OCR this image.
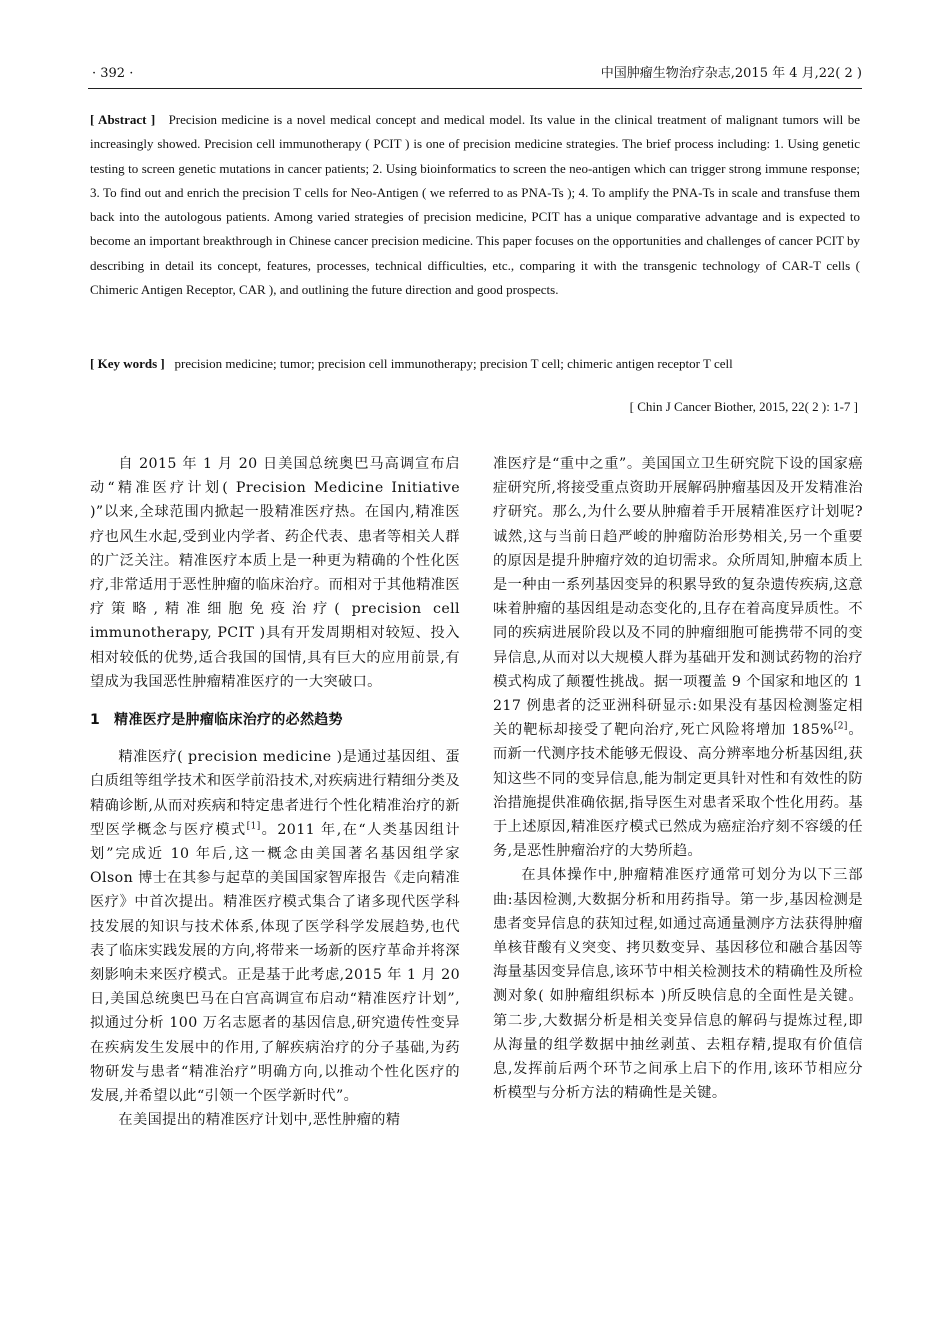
· 392 ·	中国肿瘤生物治疗杂志,2015 年 4 月,22( 2 )
[ Abstract ] Precision medicine is a novel medical concept and medical model. Its value in the clinical treatment of malignant tumors will be increasingly showed. Precision cell immunotherapy ( PCIT ) is one of precision medicine strategies. The brief process including: 1. Using genetic testing to screen genetic mutations in cancer patients; 2. Using bioinformatics to screen the neo-antigen which can trigger strong immune response; 3. To find out and enrich the precision T cells for Neo-Antigen ( we referred to as PNA-Ts ); 4. To amplify the PNA-Ts in scale and transfuse them back into the autologous patients. Among varied strategies of precision medicine, PCIT has a unique comparative advantage and is expected to become an important breakthrough in Chinese cancer precision medicine. This paper focuses on the opportunities and challenges of cancer PCIT by describing in detail its concept, features, processes, technical difficulties, etc., comparing it with the transgenic technology of CAR-T cells ( Chimeric Antigen Receptor, CAR ), and outlining the future direction and good prospects.
[ Key words ] precision medicine; tumor; precision cell immunotherapy; precision T cell; chimeric antigen receptor T cell
[ Chin J Cancer Biother, 2015, 22( 2 ): 1-7 ]

自 2015 年 1 月 20 日美国总统奥巴马高调宣布启动“精准医疗计划( Precision Medicine Initiative )”以来,全球范围内掀起一股精准医疗热。在国内,精准医疗也风生水起,受到业内学者、药企代表、患者等相关人群的广泛关注。精准医疗本质上是一种更为精确的个性化医疗,非常适用于恶性肿瘤的临床治疗。而相对于其他精准医疗策略,精准细胞免疫治疗( precision cell immunotherapy, PCIT )具有开发周期相对较短、投入相对较低的优势,适合我国的国情,具有巨大的应用前景,有望成为我国恶性肿瘤精准医疗的一大突破口。

1 精准医疗是肿瘤临床治疗的必然趋势

精准医疗( precision medicine )是通过基因组、蛋白质组等组学技术和医学前沿技术,对疾病进行精细分类及精确诊断,从而对疾病和特定患者进行个性化精准治疗的新型医学概念与医疗模式[1]。2011 年,在“人类基因组计划”完成近 10 年后,这一概念由美国著名基因组学家 Olson 博士在其参与起草的美国国家智库报告《走向精准医疗》中首次提出。精准医疗模式集合了诸多现代医学科技发展的知识与技术体系,体现了医学科学发展趋势,也代表了临床实践发展的方向,将带来一场新的医疗革命并将深刻影响未来医疗模式。正是基于此考虑,2015 年 1 月 20 日,美国总统奥巴马在白宫高调宣布启动“精准医疗计划”,拟通过分析 100 万名志愿者的基因信息,研究遗传性变异在疾病发生发展中的作用,了解疾病治疗的分子基础,为药物研发与患者“精准治疗”明确方向,以推动个性化医疗的发展,并希望以此“引领一个医学新时代”。

在美国提出的精准医疗计划中,恶性肿瘤的精

准医疗是“重中之重”。美国国立卫生研究院下设的国家癌症研究所,将接受重点资助开展解码肿瘤基因及开发精准治疗研究。那么,为什么要从肿瘤着手开展精准医疗计划呢? 诚然,这与当前日趋严峻的肿瘤防治形势相关,另一个重要的原因是提升肿瘤疗效的迫切需求。众所周知,肿瘤本质上是一种由一系列基因变异的积累导致的复杂遗传疾病,这意味着肿瘤的基因组是动态变化的,且存在着高度异质性。不同的疾病进展阶段以及不同的肿瘤细胞可能携带不同的变异信息,从而对以大规模人群为基础开发和测试药物的治疗模式构成了颠覆性挑战。据一项覆盖 9 个国家和地区的 1 217 例患者的泛亚洲科研显示:如果没有基因检测鉴定相关的靶标却接受了靶向治疗,死亡风险将增加 185%[2]。而新一代测序技术能够无假设、高分辨率地分析基因组,获知这些不同的变异信息,能为制定更具针对性和有效性的防治措施提供准确依据,指导医生对患者采取个性化用药。基于上述原因,精准医疗模式已然成为癌症治疗刻不容缓的任务,是恶性肿瘤治疗的大势所趋。

在具体操作中,肿瘤精准医疗通常可划分为以下三部曲:基因检测,大数据分析和用药指导。第一步,基因检测是患者变异信息的获知过程,如通过高通量测序方法获得肿瘤单核苷酸有义突变、拷贝数变异、基因移位和融合基因等海量基因变异信息,该环节中相关检测技术的精确性及所检测对象( 如肿瘤组织标本 )所反映信息的全面性是关键。第二步,大数据分析是相关变异信息的解码与提炼过程,即从海量的组学数据中抽丝剥茧、去粗存精,提取有价值信息,发挥前后两个环节之间承上启下的作用,该环节相应分析模型与分析方法的精确性是关键。
